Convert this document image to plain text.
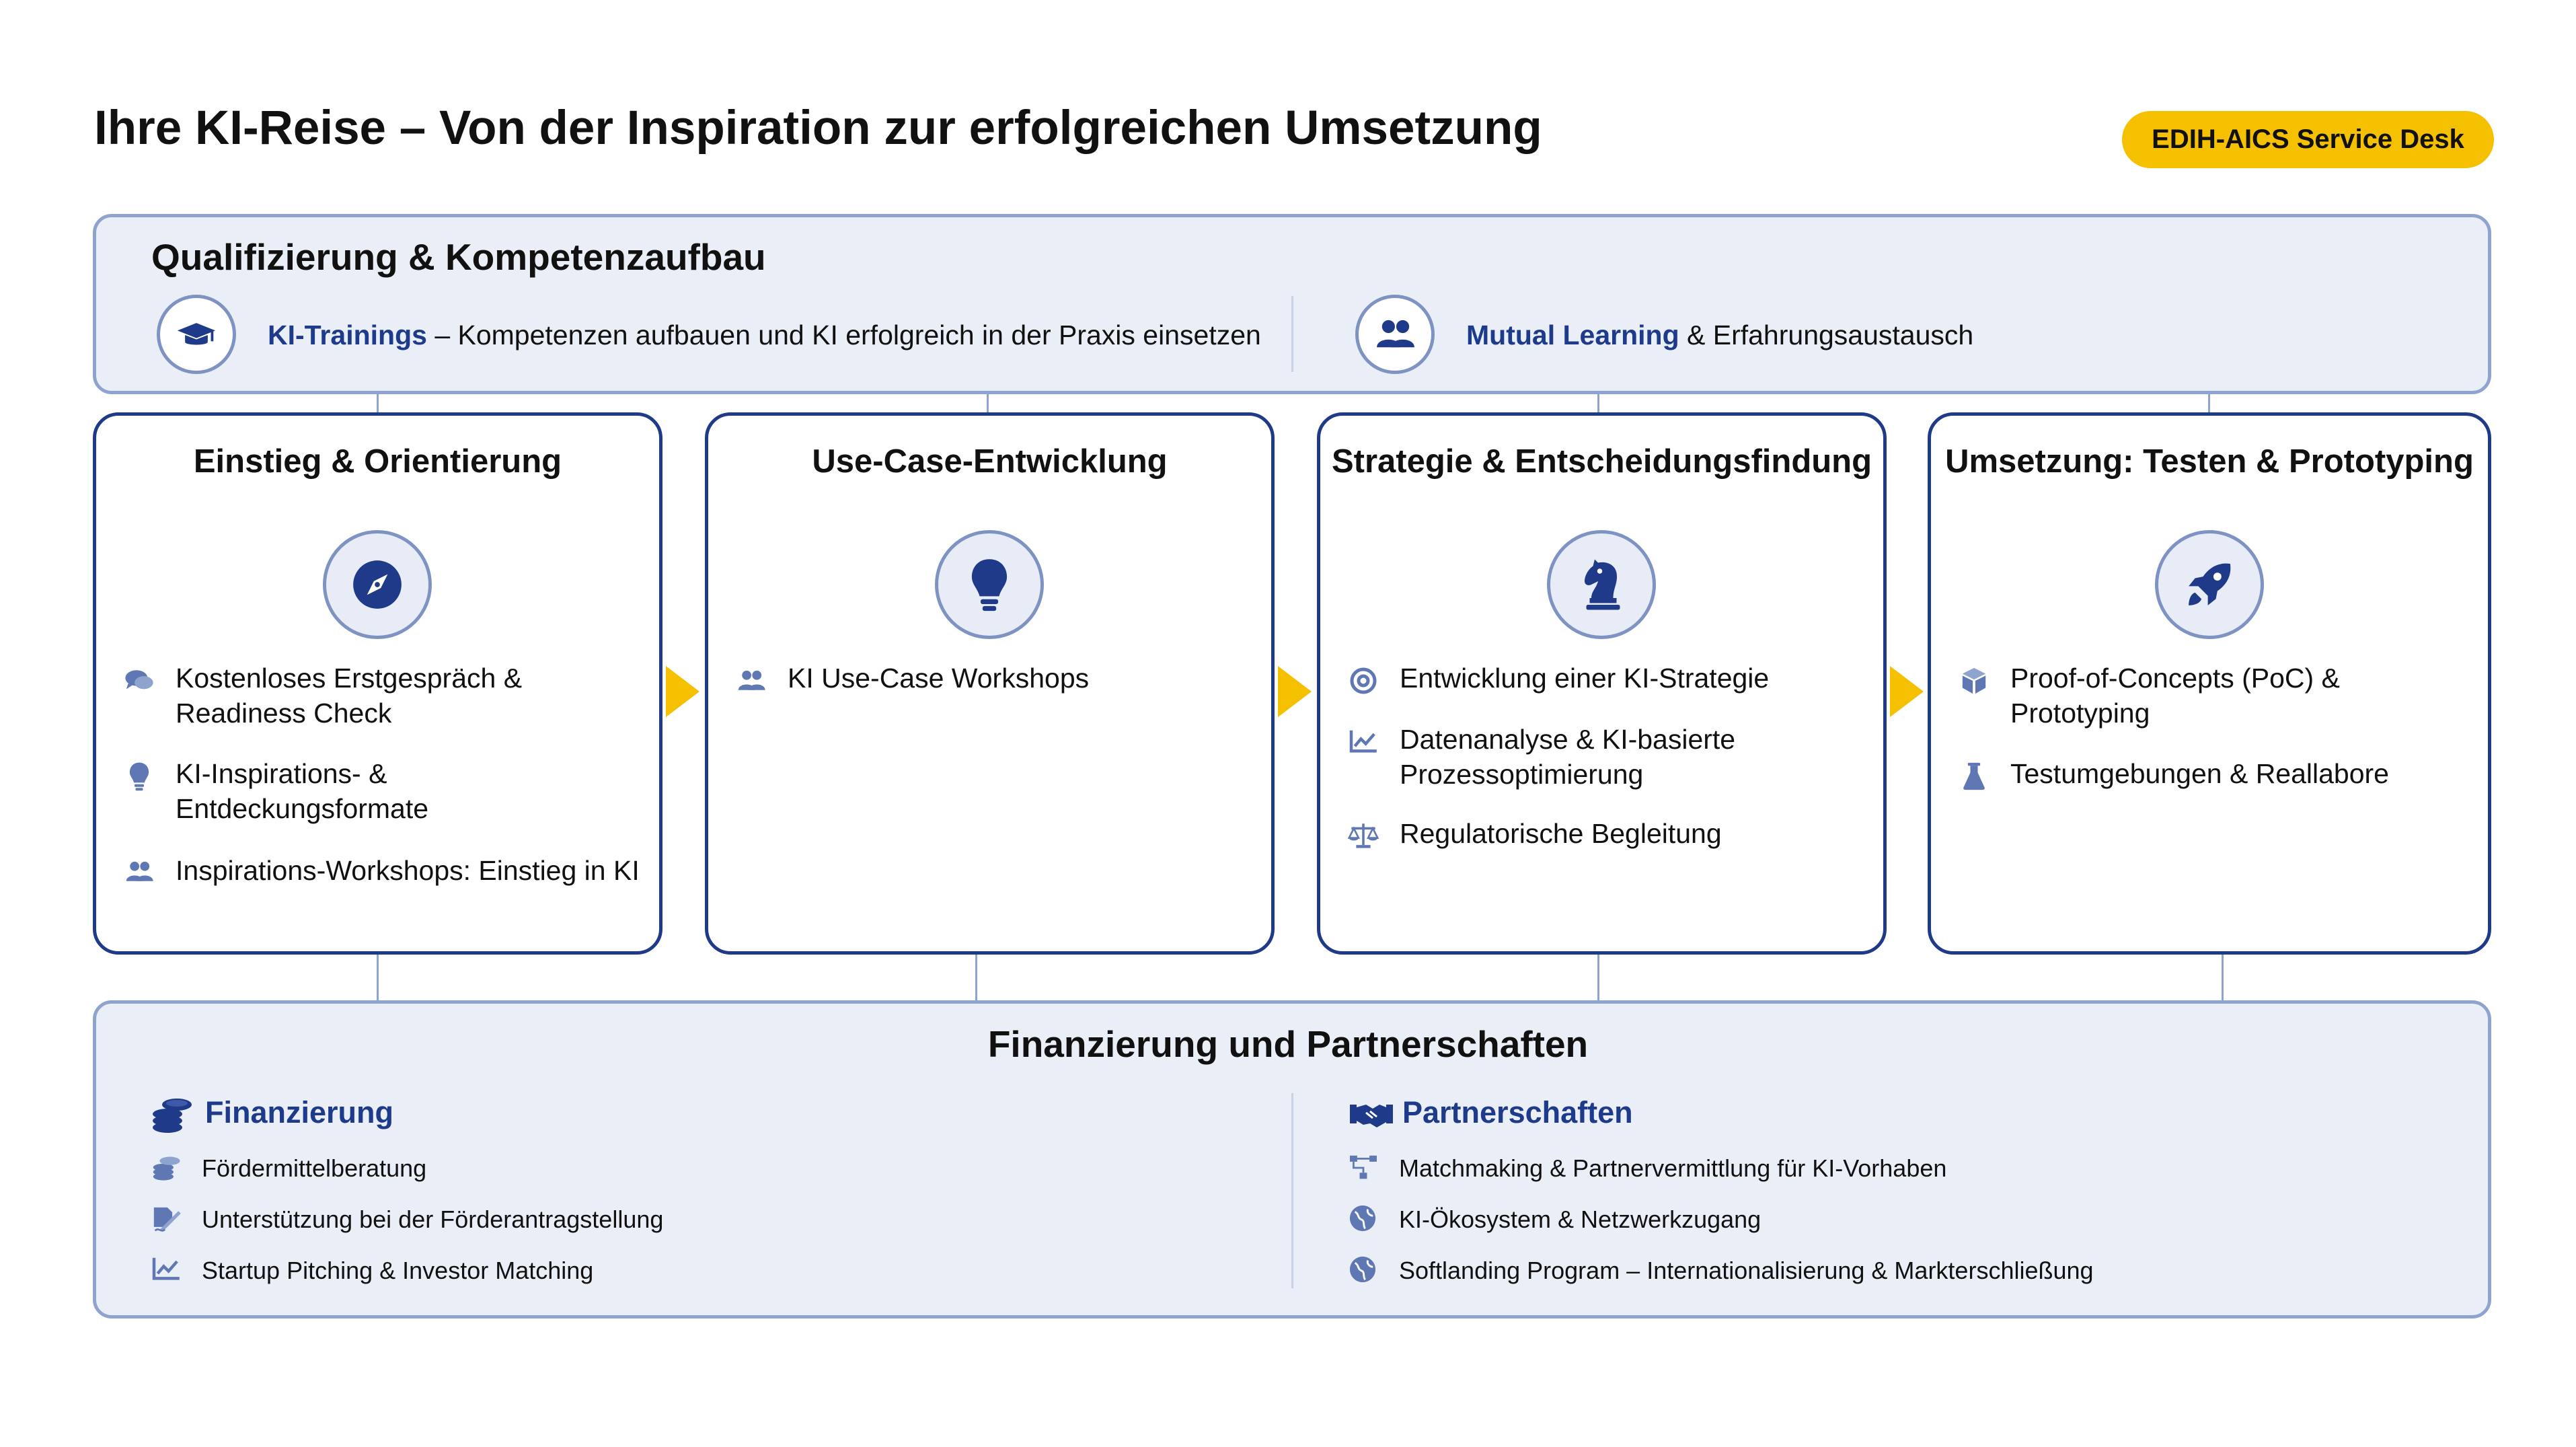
Ihre KI-Reise – Von der Inspiration zur erfolgreichen Umsetzung	EDIH-AICS Service Desk
Qualifizierung & Kompetenzaufbau
KI-Trainings – Kompetenzen aufbauen und KI erfolgreich in der Praxis einsetzen	Mutual Learning & Erfahrungsaustausch
Einstieg & Orientierung
Kostenloses Erstgespräch &
Readiness Check
KI-Inspirations- &
Entdeckungsformate
Inspirations-Workshops: Einstieg in KI
Use-Case-Entwicklung
KI Use-Case Workshops
Strategie & Entscheidungsfindung
Entwicklung einer KI-Strategie
Datenanalyse & KI-basierte
Prozessoptimierung
Regulatorische Begleitung
Umsetzung: Testen & Prototyping
Proof-of-Concepts (PoC) &
Prototyping
Testumgebungen & Reallabore
Finanzierung und Partnerschaften
Finanzierung
Fördermittelberatung
Unterstützung bei der Förderantragstellung
Startup Pitching & Investor Matching
Partnerschaften
Matchmaking & Partnervermittlung für KI-Vorhaben
KI-Ökosystem & Netzwerkzugang
Softlanding Program – Internationalisierung & Markterschließung
